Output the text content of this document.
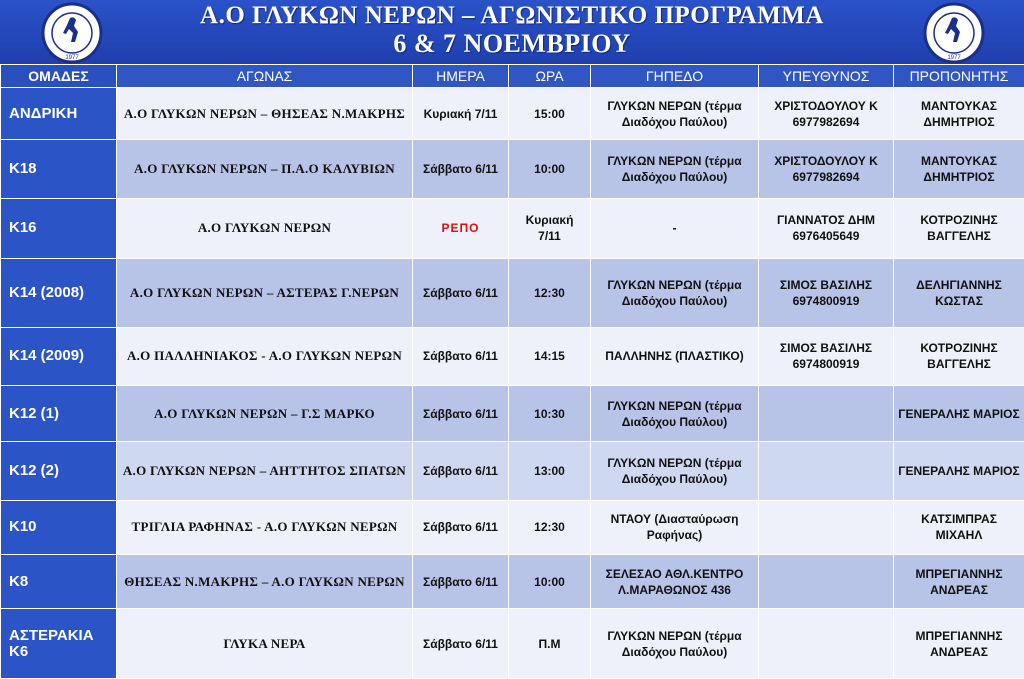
1977	1977
Α.Ο ΓΛΥΚΩΝ ΝΕΡΩΝ – ΑΓΩΝΙΣΤΙΚΟ ΠΡΟΓΡΑΜΜΑ
6 & 7 ΝΟΕΜΒΡΙΟΥ
ΟΜΑΔΕΣ	ΑΓΩΝΑΣ	ΗΜΕΡΑ	ΩΡΑ	ΓΗΠΕΔΟ	ΥΠΕΥΘΥΝΟΣ	ΠΡΟΠΟΝΗΤΗΣ
ΑΝΔΡΙΚΗ	Α.Ο ΓΛΥΚΩΝ ΝΕΡΩΝ – ΘΗΣΕΑΣ Ν.ΜΑΚΡΗΣ	Κυριακή 7/11	15:00	ΓΛΥΚΩΝ ΝΕΡΩΝ (τέρμα Διαδόχου Παύλου)	ΧΡΙΣΤΟΔΟΥΛΟΥ Κ 6977982694	ΜΑΝΤΟΥΚΑΣ ΔΗΜΗΤΡΙΟΣ
K18	Α.Ο ΓΛΥΚΩΝ ΝΕΡΩΝ – Π.Α.Ο ΚΑΛΥΒΙΩΝ	Σάββατο 6/11	10:00	ΓΛΥΚΩΝ ΝΕΡΩΝ (τέρμα Διαδόχου Παύλου)	ΧΡΙΣΤΟΔΟΥΛΟΥ Κ 6977982694	ΜΑΝΤΟΥΚΑΣ ΔΗΜΗΤΡΙΟΣ
K16	Α.Ο ΓΛΥΚΩΝ ΝΕΡΩΝ	ΡΕΠΟ	Κυριακή 7/11	-	ΓΙΑΝΝΑΤΟΣ ΔΗΜ 6976405649	ΚΟΤΡΟΖΙΝΗΣ ΒΑΓΓΕΛΗΣ
K14 (2008)	Α.Ο ΓΛΥΚΩΝ ΝΕΡΩΝ – ΑΣΤΕΡΑΣ Γ.ΝΕΡΩΝ	Σάββατο 6/11	12:30	ΓΛΥΚΩΝ ΝΕΡΩΝ (τέρμα Διαδόχου Παύλου)	ΣΙΜΟΣ ΒΑΣΙΛΗΣ 6974800919	ΔΕΛΗΓΙΑΝΝΗΣ ΚΩΣΤΑΣ
K14 (2009)	Α.Ο ΠΑΛΛΗΝΙΑΚΟΣ - Α.Ο ΓΛΥΚΩΝ ΝΕΡΩΝ	Σάββατο 6/11	14:15	ΠΑΛΛΗΝΗΣ (ΠΛΑΣΤΙΚΟ)	ΣΙΜΟΣ ΒΑΣΙΛΗΣ 6974800919	ΚΟΤΡΟΖΙΝΗΣ ΒΑΓΓΕΛΗΣ
K12 (1)	Α.Ο ΓΛΥΚΩΝ ΝΕΡΩΝ – Γ.Σ ΜΑΡΚΟ	Σάββατο 6/11	10:30	ΓΛΥΚΩΝ ΝΕΡΩΝ (τέρμα Διαδόχου Παύλου)		ΓΕΝΕΡΑΛΗΣ ΜΑΡΙΟΣ
K12 (2)	Α.Ο ΓΛΥΚΩΝ ΝΕΡΩΝ – ΑΗΤΤΗΤΟΣ ΣΠΑΤΩΝ	Σάββατο 6/11	13:00	ΓΛΥΚΩΝ ΝΕΡΩΝ (τέρμα Διαδόχου Παύλου)		ΓΕΝΕΡΑΛΗΣ ΜΑΡΙΟΣ
K10	ΤΡΙΓΛΙΑ ΡΑΦΗΝΑΣ - Α.Ο ΓΛΥΚΩΝ ΝΕΡΩΝ	Σάββατο 6/11	12:30	ΝΤΑΟΥ (Διασταύρωση Ραφήνας)		ΚΑΤΣΙΜΠΡΑΣ ΜΙΧΑΗΛ
K8	ΘΗΣΕΑΣ Ν.ΜΑΚΡΗΣ – Α.Ο ΓΛΥΚΩΝ ΝΕΡΩΝ	Σάββατο 6/11	10:00	ΣΕΛΕΣΑΟ ΑΘΛ.ΚΕΝΤΡΟ Λ.ΜΑΡΑΘΩΝΟΣ 436		ΜΠΡΕΓΙΑΝΝΗΣ ΑΝΔΡΕΑΣ
ΑΣΤΕΡΑΚΙΑ K6	ΓΛΥΚΑ ΝΕΡΑ	Σάββατο 6/11	Π.Μ	ΓΛΥΚΩΝ ΝΕΡΩΝ (τέρμα Διαδόχου Παύλου)		ΜΠΡΕΓΙΑΝΝΗΣ ΑΝΔΡΕΑΣ
